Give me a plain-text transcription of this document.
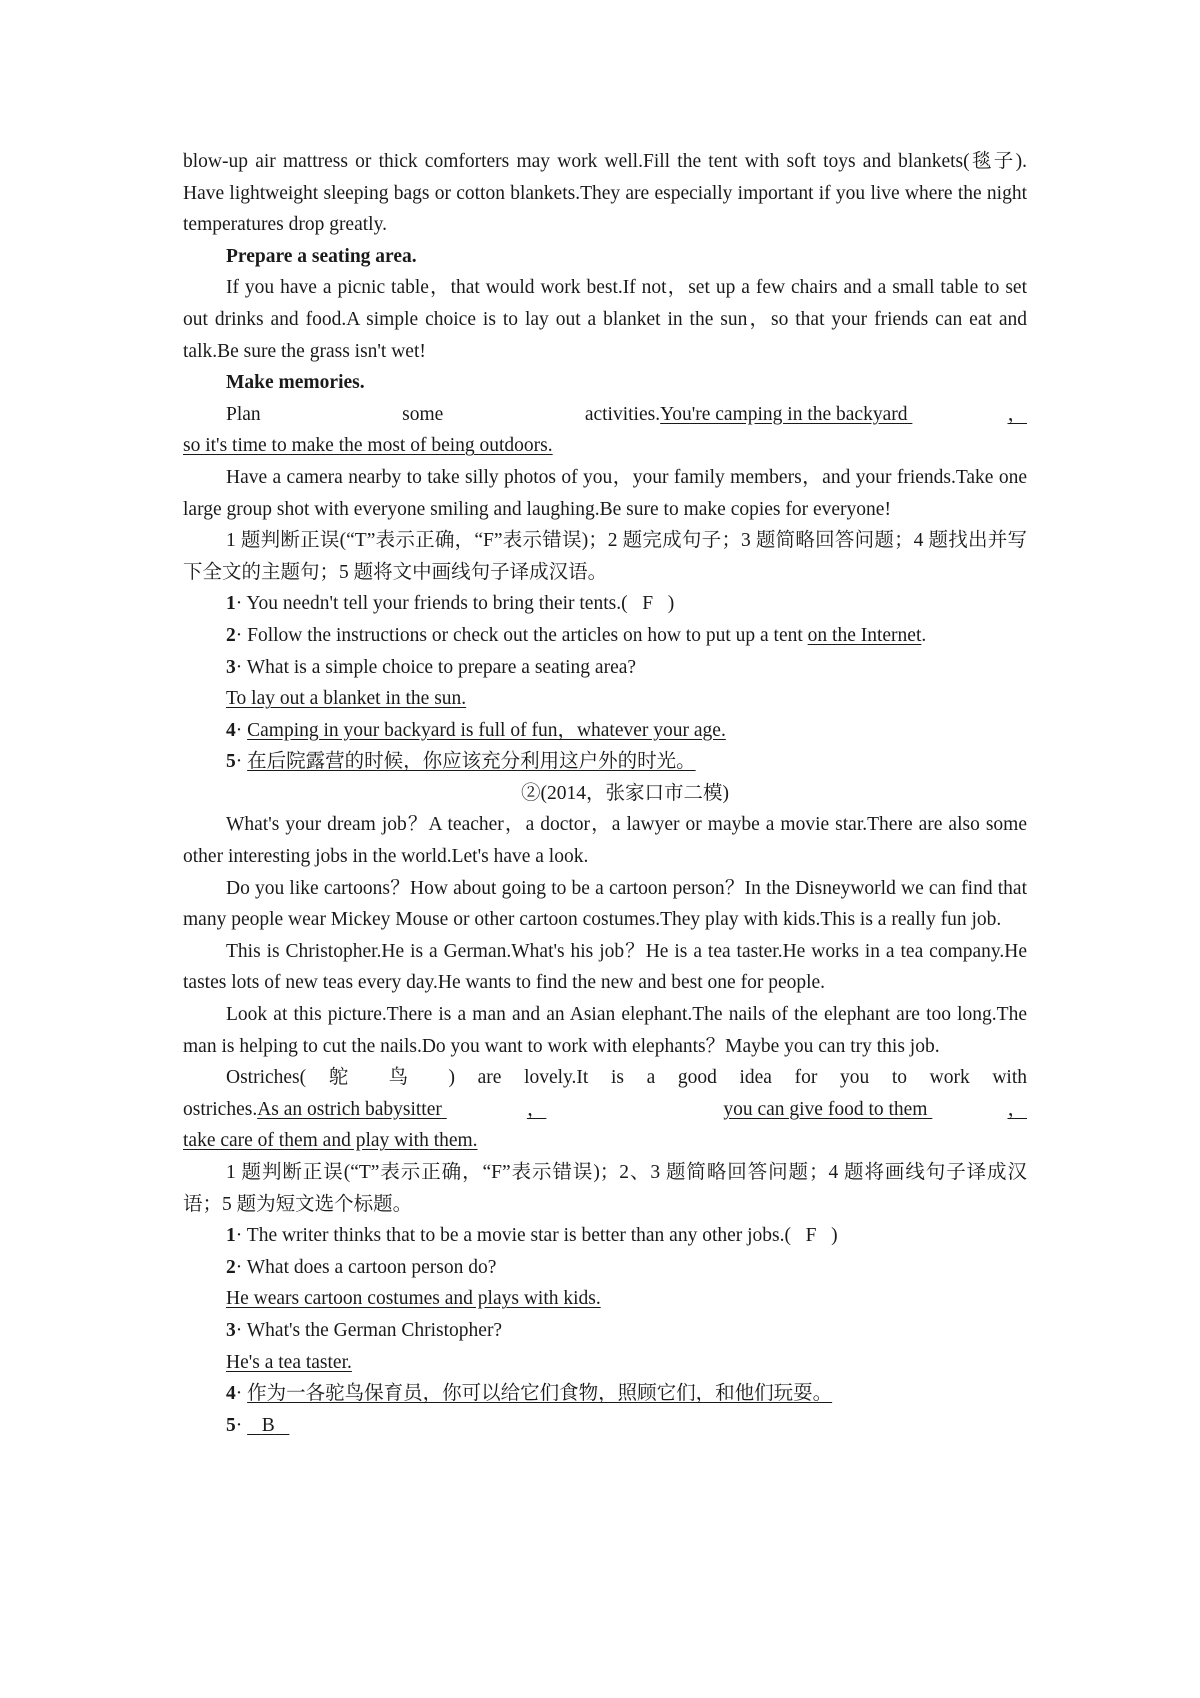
blow-up air mattress or thick comforters may work well.Fill the tent with soft toys and blankets(毯子). Have lightweight sleeping bags or cotton blankets.They are especially important if you live where the night temperatures drop greatly.

Prepare a seating area.

If you have a picnic table，that would work best.If not，set up a few chairs and a small table to set out drinks and food.A simple choice is to lay out a blanket in the sun，so that your friends can eat and talk.Be sure the grass isn't wet!

Make memories.

Plan	some	activities.You're camping in the backyard	，

so it's time to make the most of being outdoors.

Have a camera nearby to take silly photos of you，your family members，and your friends.Take one large group shot with everyone smiling and laughing.Be sure to make copies for everyone!

1 题判断正误(“T”表示正确，“F”表示错误)；2 题完成句子；3 题简略回答问题；4 题找出并写下全文的主题句；5 题将文中画线句子译成汉语。

1· You needn't tell your friends to bring their tents.( F )

2· Follow the instructions or check out the articles on how to put up a tent on the Internet.

3· What is a simple choice to prepare a seating area?

To lay out a blanket in the sun.

4· Camping in your backyard is full of fun，whatever your age.

5· 在后院露营的时候，你应该充分利用这户外的时光。

②(2014，张家口市二模)

What's your dream job？A teacher，a doctor，a lawyer or maybe a movie star.There are also some other interesting jobs in the world.Let's have a look.

Do you like cartoons？How about going to be a cartoon person？In the Disneyworld we can find that many people wear Mickey Mouse or other cartoon costumes.They play with kids.This is a really fun job.

This is Christopher.He is a German.What's his job？He is a tea taster.He works in a tea company.He tastes lots of new teas every day.He wants to find the new and best one for people.

Look at this picture.There is a man and an Asian elephant.The nails of the elephant are too long.The man is helping to cut the nails.Do you want to work with elephants？Maybe you can try this job.

Ostriches( 鸵 鸟 ) are lovely.It is a good idea for you to work with

ostriches.As an ostrich babysitter	，	you can give food to them	，

take care of them and play with them.

1 题判断正误(“T”表示正确，“F”表示错误)；2、3 题简略回答问题；4 题将画线句子译成汉语；5 题为短文选个标题。

1· The writer thinks that to be a movie star is better than any other jobs.( F )

2· What does a cartoon person do?

He wears cartoon costumes and plays with kids.

3· What's the German Christopher?

He's a tea taster.

4· 作为一各驼鸟保育员，你可以给它们食物，照顾它们，和他们玩耍。

5·    B
